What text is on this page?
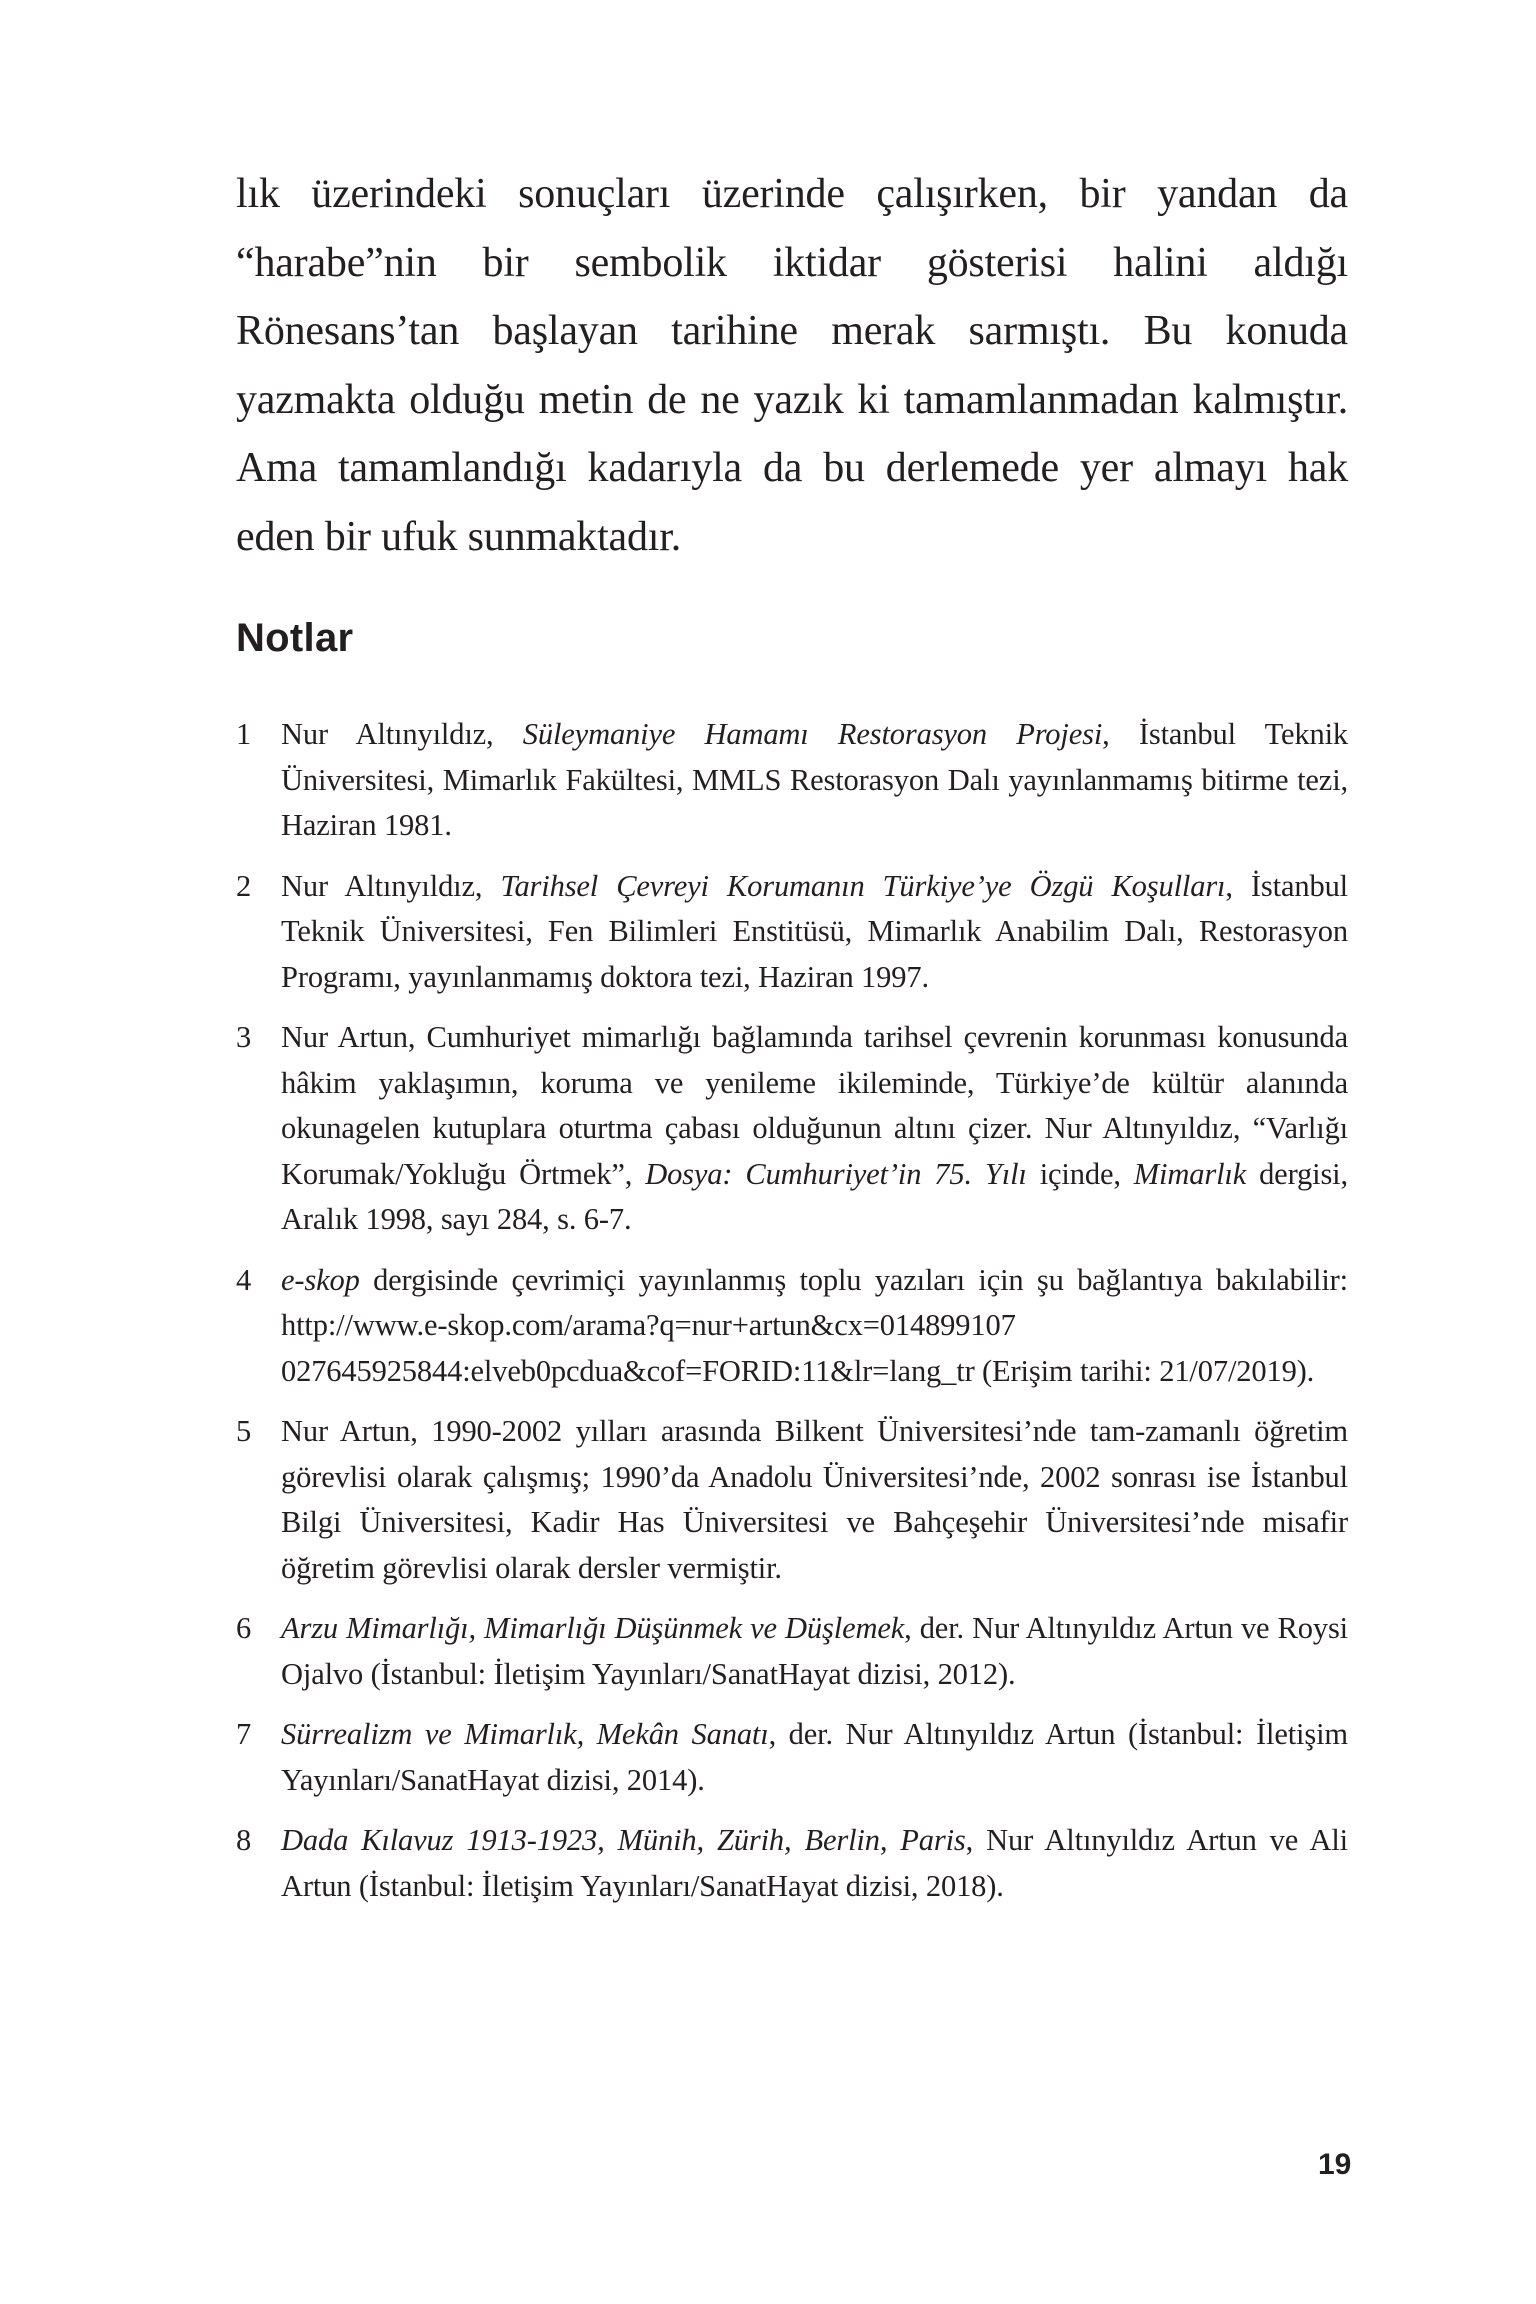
lık üzerindeki sonuçları üzerinde çalışırken, bir yandan da “harabe”nin bir sembolik iktidar gösterisi halini aldığı Rönesans’tan başlayan tarihine merak sarmıştı. Bu konuda yazmakta olduğu metin de ne yazık ki tamamlanmadan kalmıştır. Ama tamamlandığı kadarıyla da bu derlemede yer almayı hak eden bir ufuk sunmaktadır.

Notlar
1 Nur Altınyıldız, Süleymaniye Hamamı Restorasyon Projesi, İstanbul Teknik Üniversitesi, Mimarlık Fakültesi, MMLS Restorasyon Dalı yayınlanmamış bitirme tezi, Haziran 1981.
2 Nur Altınyıldız, Tarihsel Çevreyi Korumanın Türkiye’ye Özgü Koşulları, İstanbul Teknik Üniversitesi, Fen Bilimleri Enstitüsü, Mimarlık Anabilim Dalı, Restorasyon Programı, yayınlanmamış doktora tezi, Haziran 1997.
3 Nur Artun, Cumhuriyet mimarlığı bağlamında tarihsel çevrenin korunması konusunda hâkim yaklaşımın, koruma ve yenileme ikileminde, Türkiye’de kültür alanında okunagelen kutuplara oturtma çabası olduğunun altını çizer. Nur Altınyıldız, “Varlığı Korumak/Yokluğu Örtmek”, Dosya: Cumhuriyet’in 75. Yılı içinde, Mimarlık dergisi, Aralık 1998, sayı 284, s. 6-7.
4 e-skop dergisinde çevrimiçi yayınlanmış toplu yazıları için şu bağlantıya bakılabilir: http://www.e-skop.com/arama?q=nur+artun&cx=014899107 027645925844:elveb0pcdua&cof=FORID:11&lr=lang_tr (Erişim tarihi: 21/07/2019).
5 Nur Artun, 1990-2002 yılları arasında Bilkent Üniversitesi’nde tam-zamanlı öğretim görevlisi olarak çalışmış; 1990’da Anadolu Üniversitesi’nde, 2002 sonrası ise İstanbul Bilgi Üniversitesi, Kadir Has Üniversitesi ve Bahçeşehir Üniversitesi’nde misafir öğretim görevlisi olarak dersler vermiştir.
6 Arzu Mimarlığı, Mimarlığı Düşünmek ve Düşlemek, der. Nur Altınyıldız Artun ve Roysi Ojalvo (İstanbul: İletişim Yayınları/SanatHayat dizisi, 2012).
7 Sürrealizm ve Mimarlık, Mekân Sanatı, der. Nur Altınyıldız Artun (İstanbul: İletişim Yayınları/SanatHayat dizisi, 2014).
8 Dada Kılavuz 1913-1923, Münih, Zürih, Berlin, Paris, Nur Altınyıldız Artun ve Ali Artun (İstanbul: İletişim Yayınları/SanatHayat dizisi, 2018).
19
